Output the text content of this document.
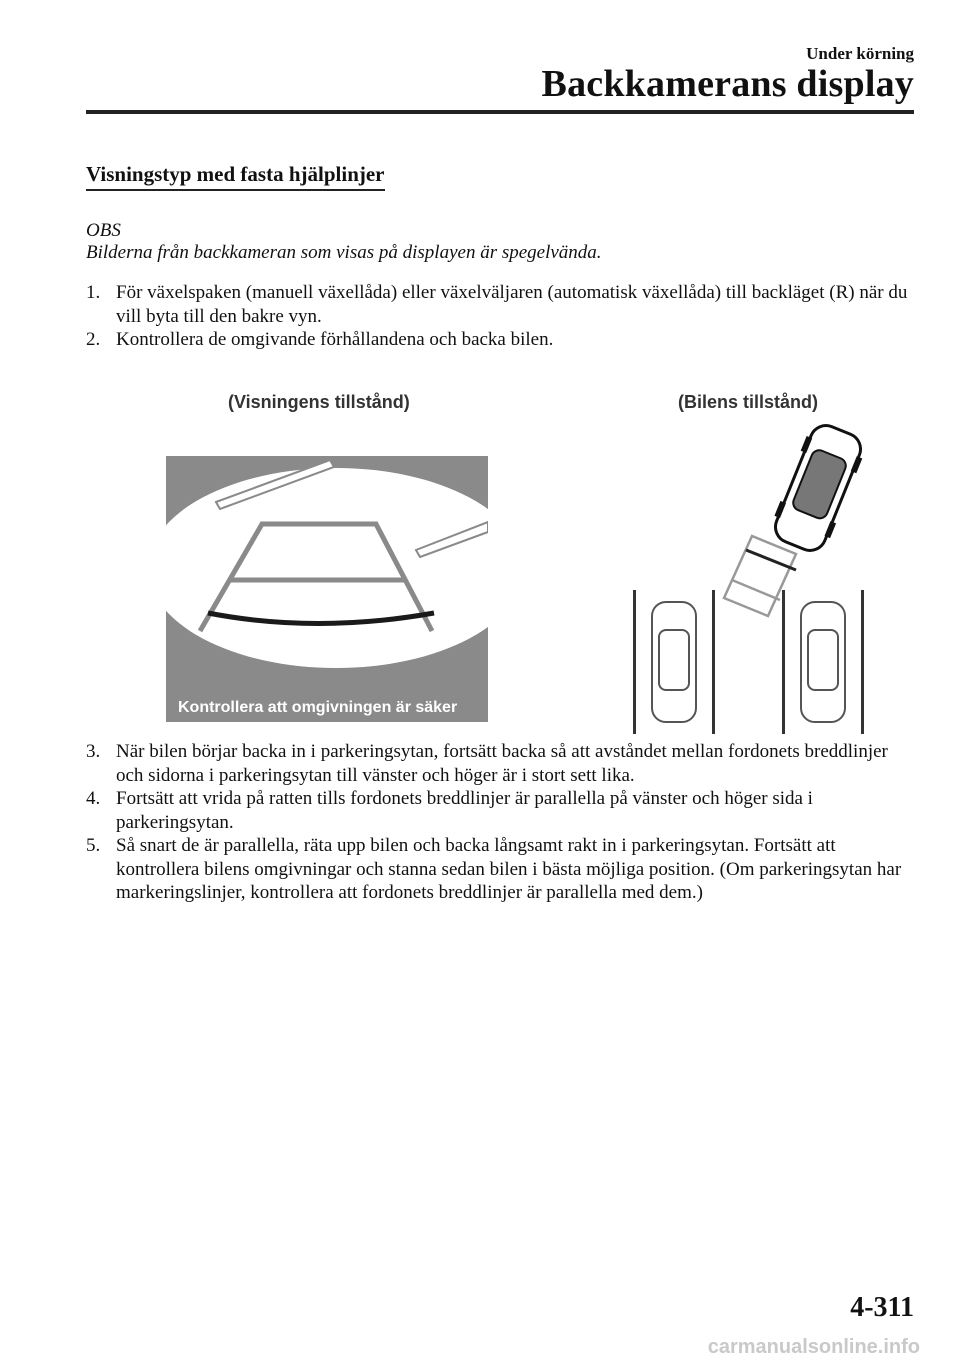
Under körning
Backkamerans display
Visningstyp med fasta hjälplinjer
OBS
Bilderna från backkameran som visas på displayen är spegelvända.
1. För växelspaken (manuell växellåda) eller växelväljaren (automatisk växellåda) till backläget (R) när du vill byta till den bakre vyn.
2. Kontrollera de omgivande förhållandena och backa bilen.
(Visningens tillstånd)	(Bilens tillstånd)
Kontrollera att omgivningen är säker
3. När bilen börjar backa in i parkeringsytan, fortsätt backa så att avståndet mellan fordonets breddlinjer och sidorna i parkeringsytan till vänster och höger är i stort sett lika.
4. Fortsätt att vrida på ratten tills fordonets breddlinjer är parallella på vänster och höger sida i parkeringsytan.
5. Så snart de är parallella, räta upp bilen och backa långsamt rakt in i parkeringsytan. Fortsätt att kontrollera bilens omgivningar och stanna sedan bilen i bästa möjliga position. (Om parkeringsytan har markeringslinjer, kontrollera att fordonets breddlinjer är parallella med dem.)
4-311
carmanualsonline.info
